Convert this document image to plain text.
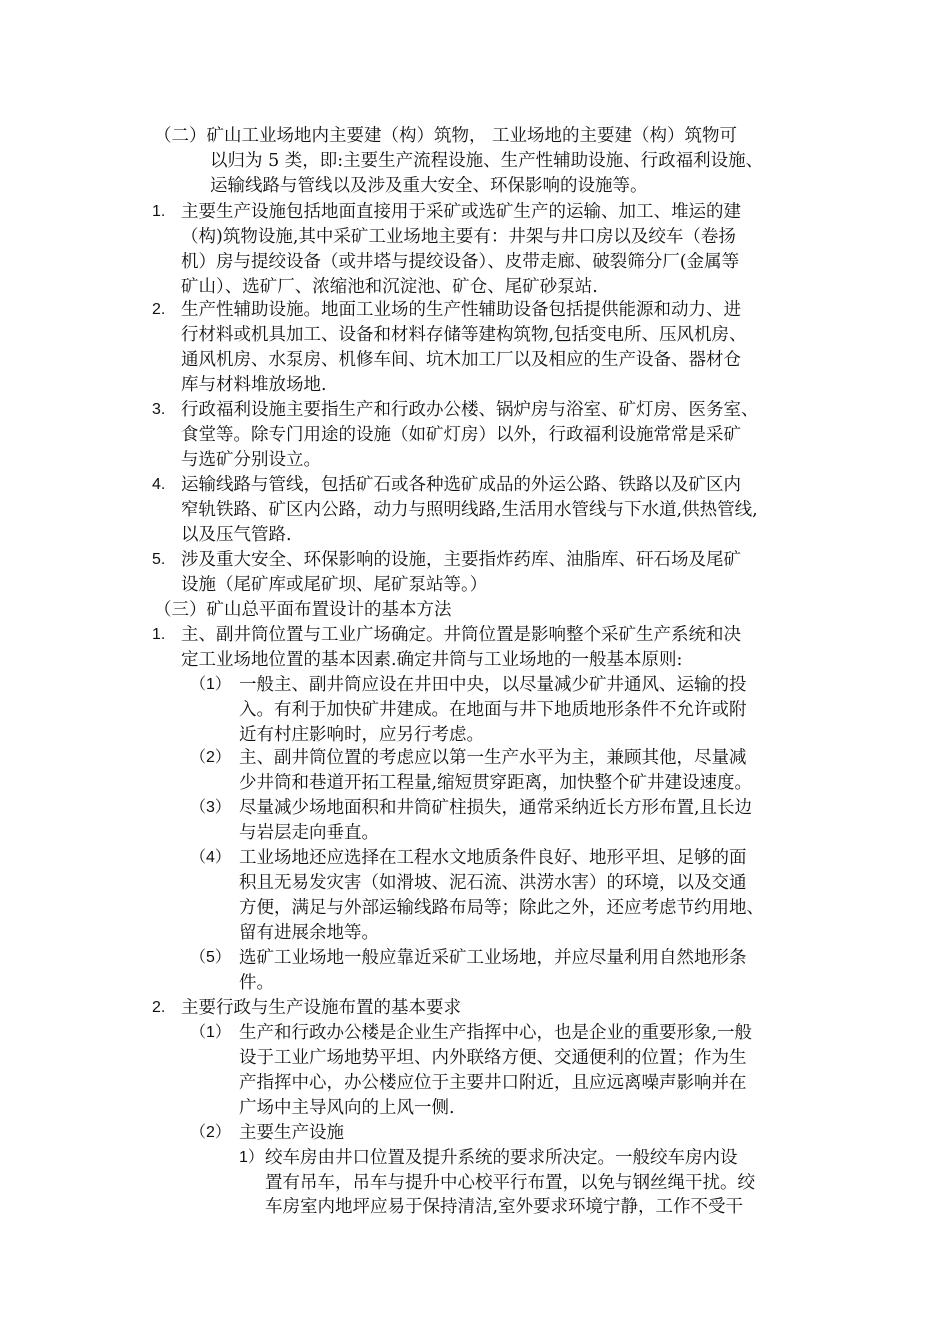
（二）矿山工业场地内主要建（构）筑物， 工业场地的主要建（构）筑物可
以归为 5 类，即:主要生产流程设施、生产性辅助设施、行政福利设施、
运输线路与管线以及涉及重大安全、环保影响的设施等。
1. 主要生产设施包括地面直接用于采矿或选矿生产的运输、加工、堆运的建
（构)筑物设施,其中采矿工业场地主要有：井架与井口房以及绞车（卷扬
机）房与提绞设备（或井塔与提绞设备）、皮带走廊、破裂筛分厂(金属等
矿山）、选矿厂、浓缩池和沉淀池、矿仓、尾矿砂泵站.
2. 生产性辅助设施。地面工业场的生产性辅助设备包括提供能源和动力、进
行材料或机具加工、设备和材料存储等建构筑物,包括变电所、压风机房、
通风机房、水泵房、机修车间、坑木加工厂以及相应的生产设备、器材仓
库与材料堆放场地.
3. 行政福利设施主要指生产和行政办公楼、锅炉房与浴室、矿灯房、医务室、
食堂等。除专门用途的设施（如矿灯房）以外，行政福利设施常常是采矿
与选矿分别设立。
4. 运输线路与管线，包括矿石或各种选矿成品的外运公路、铁路以及矿区内
窄轨铁路、矿区内公路，动力与照明线路,生活用水管线与下水道,供热管线,
以及压气管路.
5. 涉及重大安全、环保影响的设施，主要指炸药库、油脂库、矸石场及尾矿
设施（尾矿库或尾矿坝、尾矿泵站等。）
（三）矿山总平面布置设计的基本方法
1. 主、副井筒位置与工业广场确定。井筒位置是影响整个采矿生产系统和决
定工业场地位置的基本因素.确定井筒与工业场地的一般基本原则:
（1） 一般主、副井筒应设在井田中央，以尽量减少矿井通风、运输的投
入。有利于加快矿井建成。在地面与井下地质地形条件不允许或附
近有村庄影响时，应另行考虑。
（2） 主、副井筒位置的考虑应以第一生产水平为主，兼顾其他，尽量减
少井筒和巷道开拓工程量,缩短贯穿距离，加快整个矿井建设速度。
（3） 尽量减少场地面积和井筒矿柱损失，通常采纳近长方形布置,且长边
与岩层走向垂直。
（4） 工业场地还应选择在工程水文地质条件良好、地形平坦、足够的面
积且无易发灾害（如滑坡、泥石流、洪涝水害）的环境，以及交通
方便，满足与外部运输线路布局等；除此之外，还应考虑节约用地、
留有进展余地等。
（5） 选矿工业场地一般应靠近采矿工业场地，并应尽量利用自然地形条
件。
2. 主要行政与生产设施布置的基本要求
（1） 生产和行政办公楼是企业生产指挥中心，也是企业的重要形象,一般
设于工业广场地势平坦、内外联络方便、交通便利的位置；作为生
产指挥中心，办公楼应位于主要井口附近，且应远离噪声影响并在
广场中主导风向的上风一侧.
（2） 主要生产设施
1） 绞车房由井口位置及提升系统的要求所决定。一般绞车房内设
置有吊车，吊车与提升中心校平行布置，以免与钢丝绳干扰。绞
车房室内地坪应易于保持清洁,室外要求环境宁静，工作不受干
